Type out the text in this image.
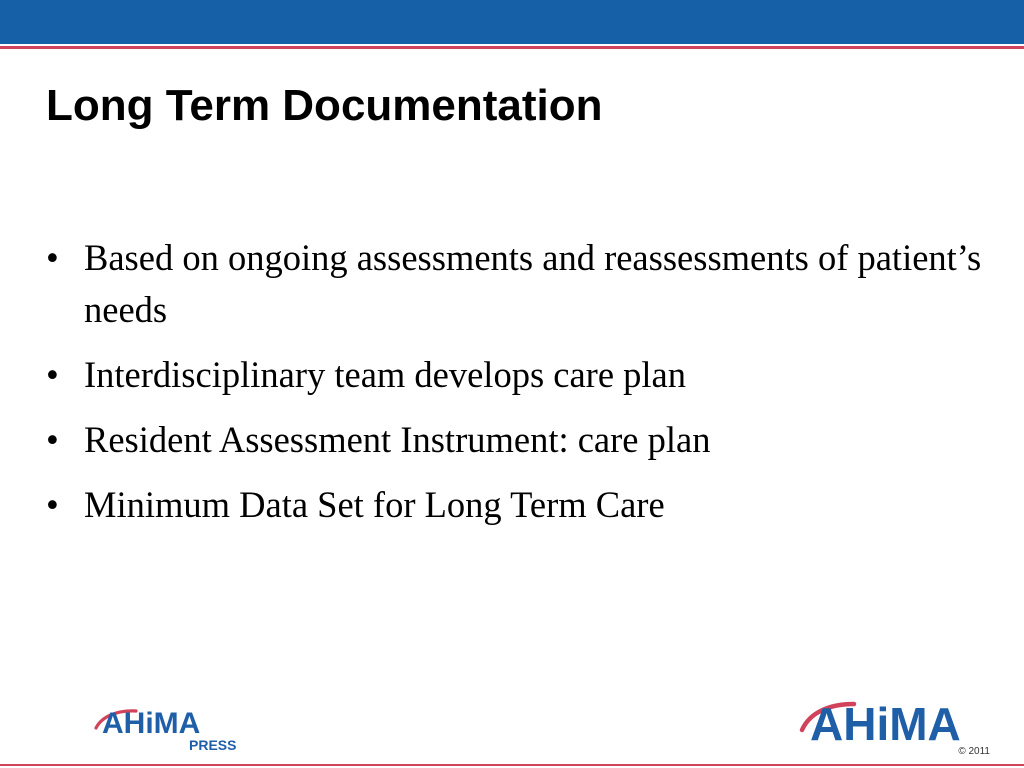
Long Term Documentation
• Based on ongoing assessments and reassessments of patient’s needs
• Interdisciplinary team develops care plan
• Resident Assessment Instrument: care plan
• Minimum Data Set for Long Term Care
AHiMA
PRESS	AHiMA
© 2011
